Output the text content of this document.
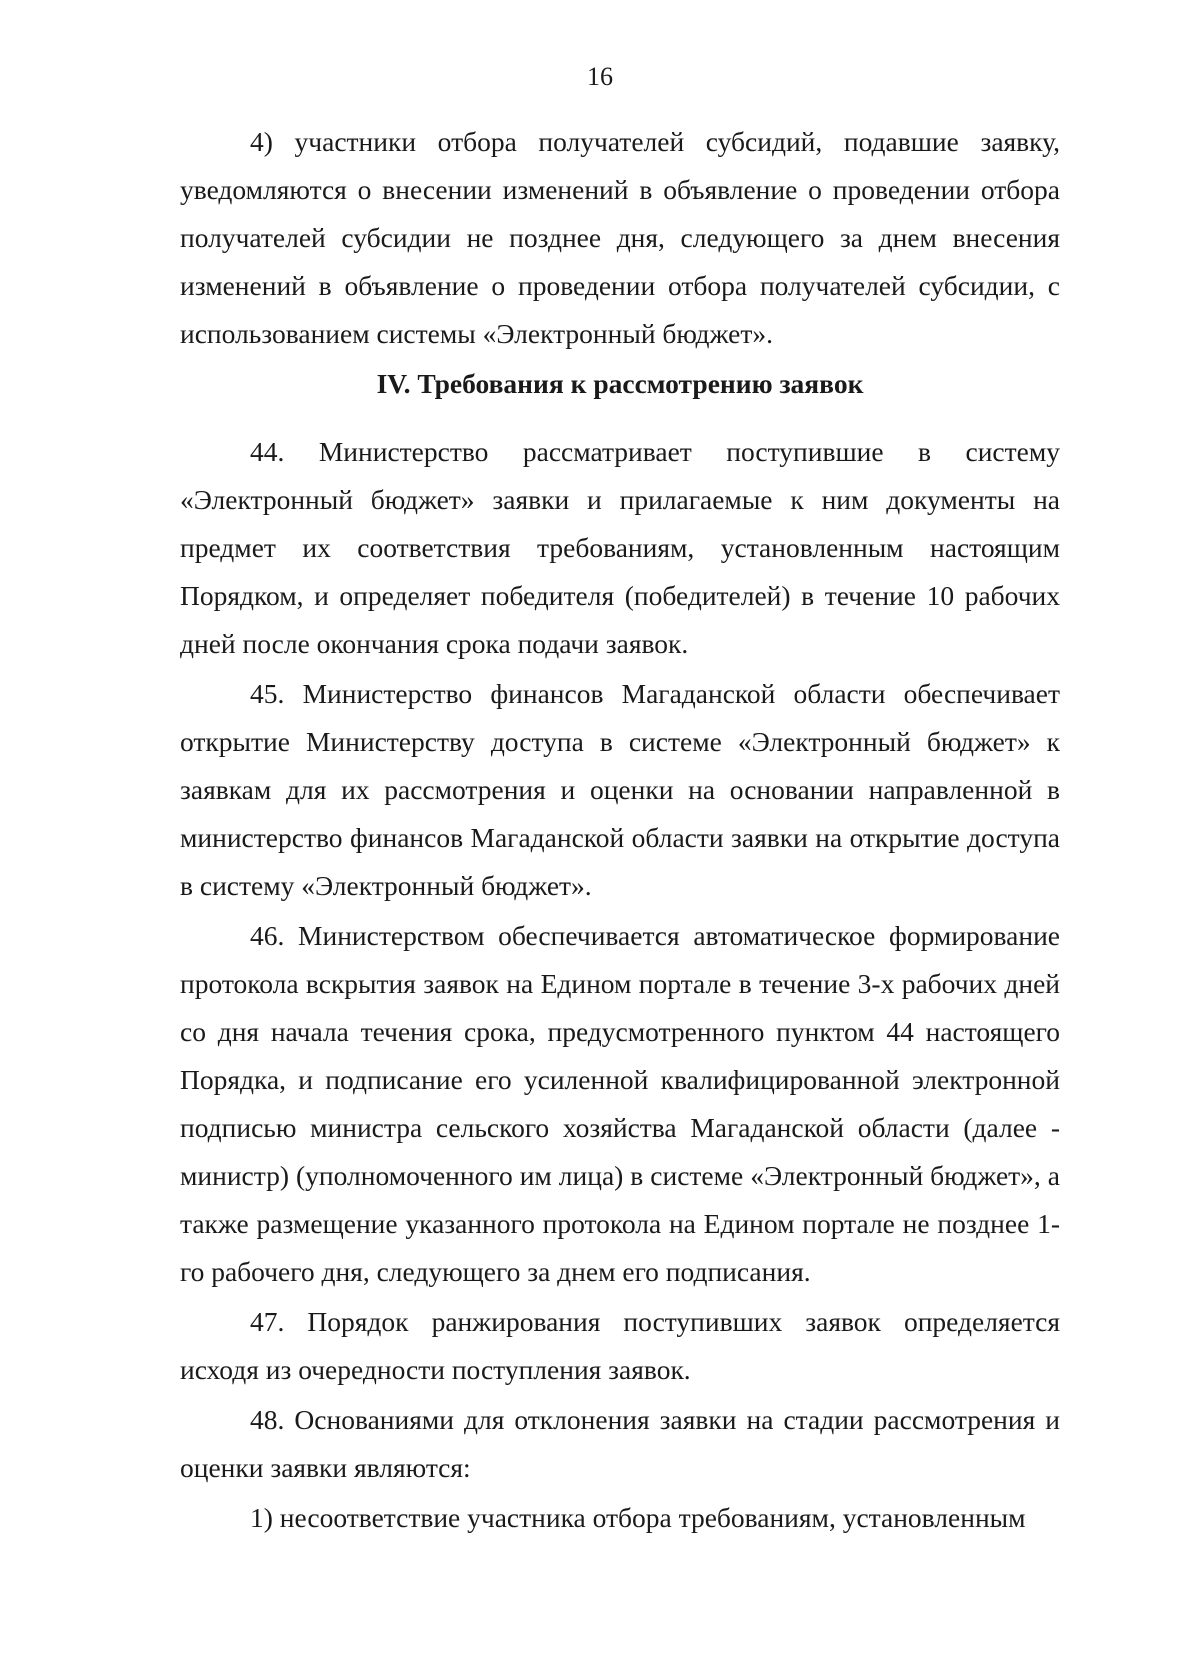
16

4) участники отбора получателей субсидий, подавшие заявку, уведомляются о внесении изменений в объявление о проведении отбора получателей субсидии не позднее дня, следующего за днем внесения изменений в объявление о проведении отбора получателей субсидии, с использованием системы «Электронный бюджет».

IV. Требования к рассмотрению заявок

44. Министерство рассматривает поступившие в систему «Электронный бюджет» заявки и прилагаемые к ним документы на предмет их соответствия требованиям, установленным настоящим Порядком, и определяет победителя (победителей) в течение 10 рабочих дней после окончания срока подачи заявок.

45. Министерство финансов Магаданской области обеспечивает открытие Министерству доступа в системе «Электронный бюджет» к заявкам для их рассмотрения и оценки на основании направленной в министерство финансов Магаданской области заявки на открытие доступа в систему «Электронный бюджет».

46. Министерством обеспечивается автоматическое формирование протокола вскрытия заявок на Едином портале в течение 3-х рабочих дней со дня начала течения срока, предусмотренного пунктом 44 настоящего Порядка, и подписание его усиленной квалифицированной электронной подписью министра сельского хозяйства Магаданской области (далее - министр) (уполномоченного им лица) в системе «Электронный бюджет», а также размещение указанного протокола на Едином портале не позднее 1-го рабочего дня, следующего за днем его подписания.

47. Порядок ранжирования поступивших заявок определяется исходя из очередности поступления заявок.

48. Основаниями для отклонения заявки на стадии рассмотрения и оценки заявки являются:

1) несоответствие участника отбора требованиям, установленным
